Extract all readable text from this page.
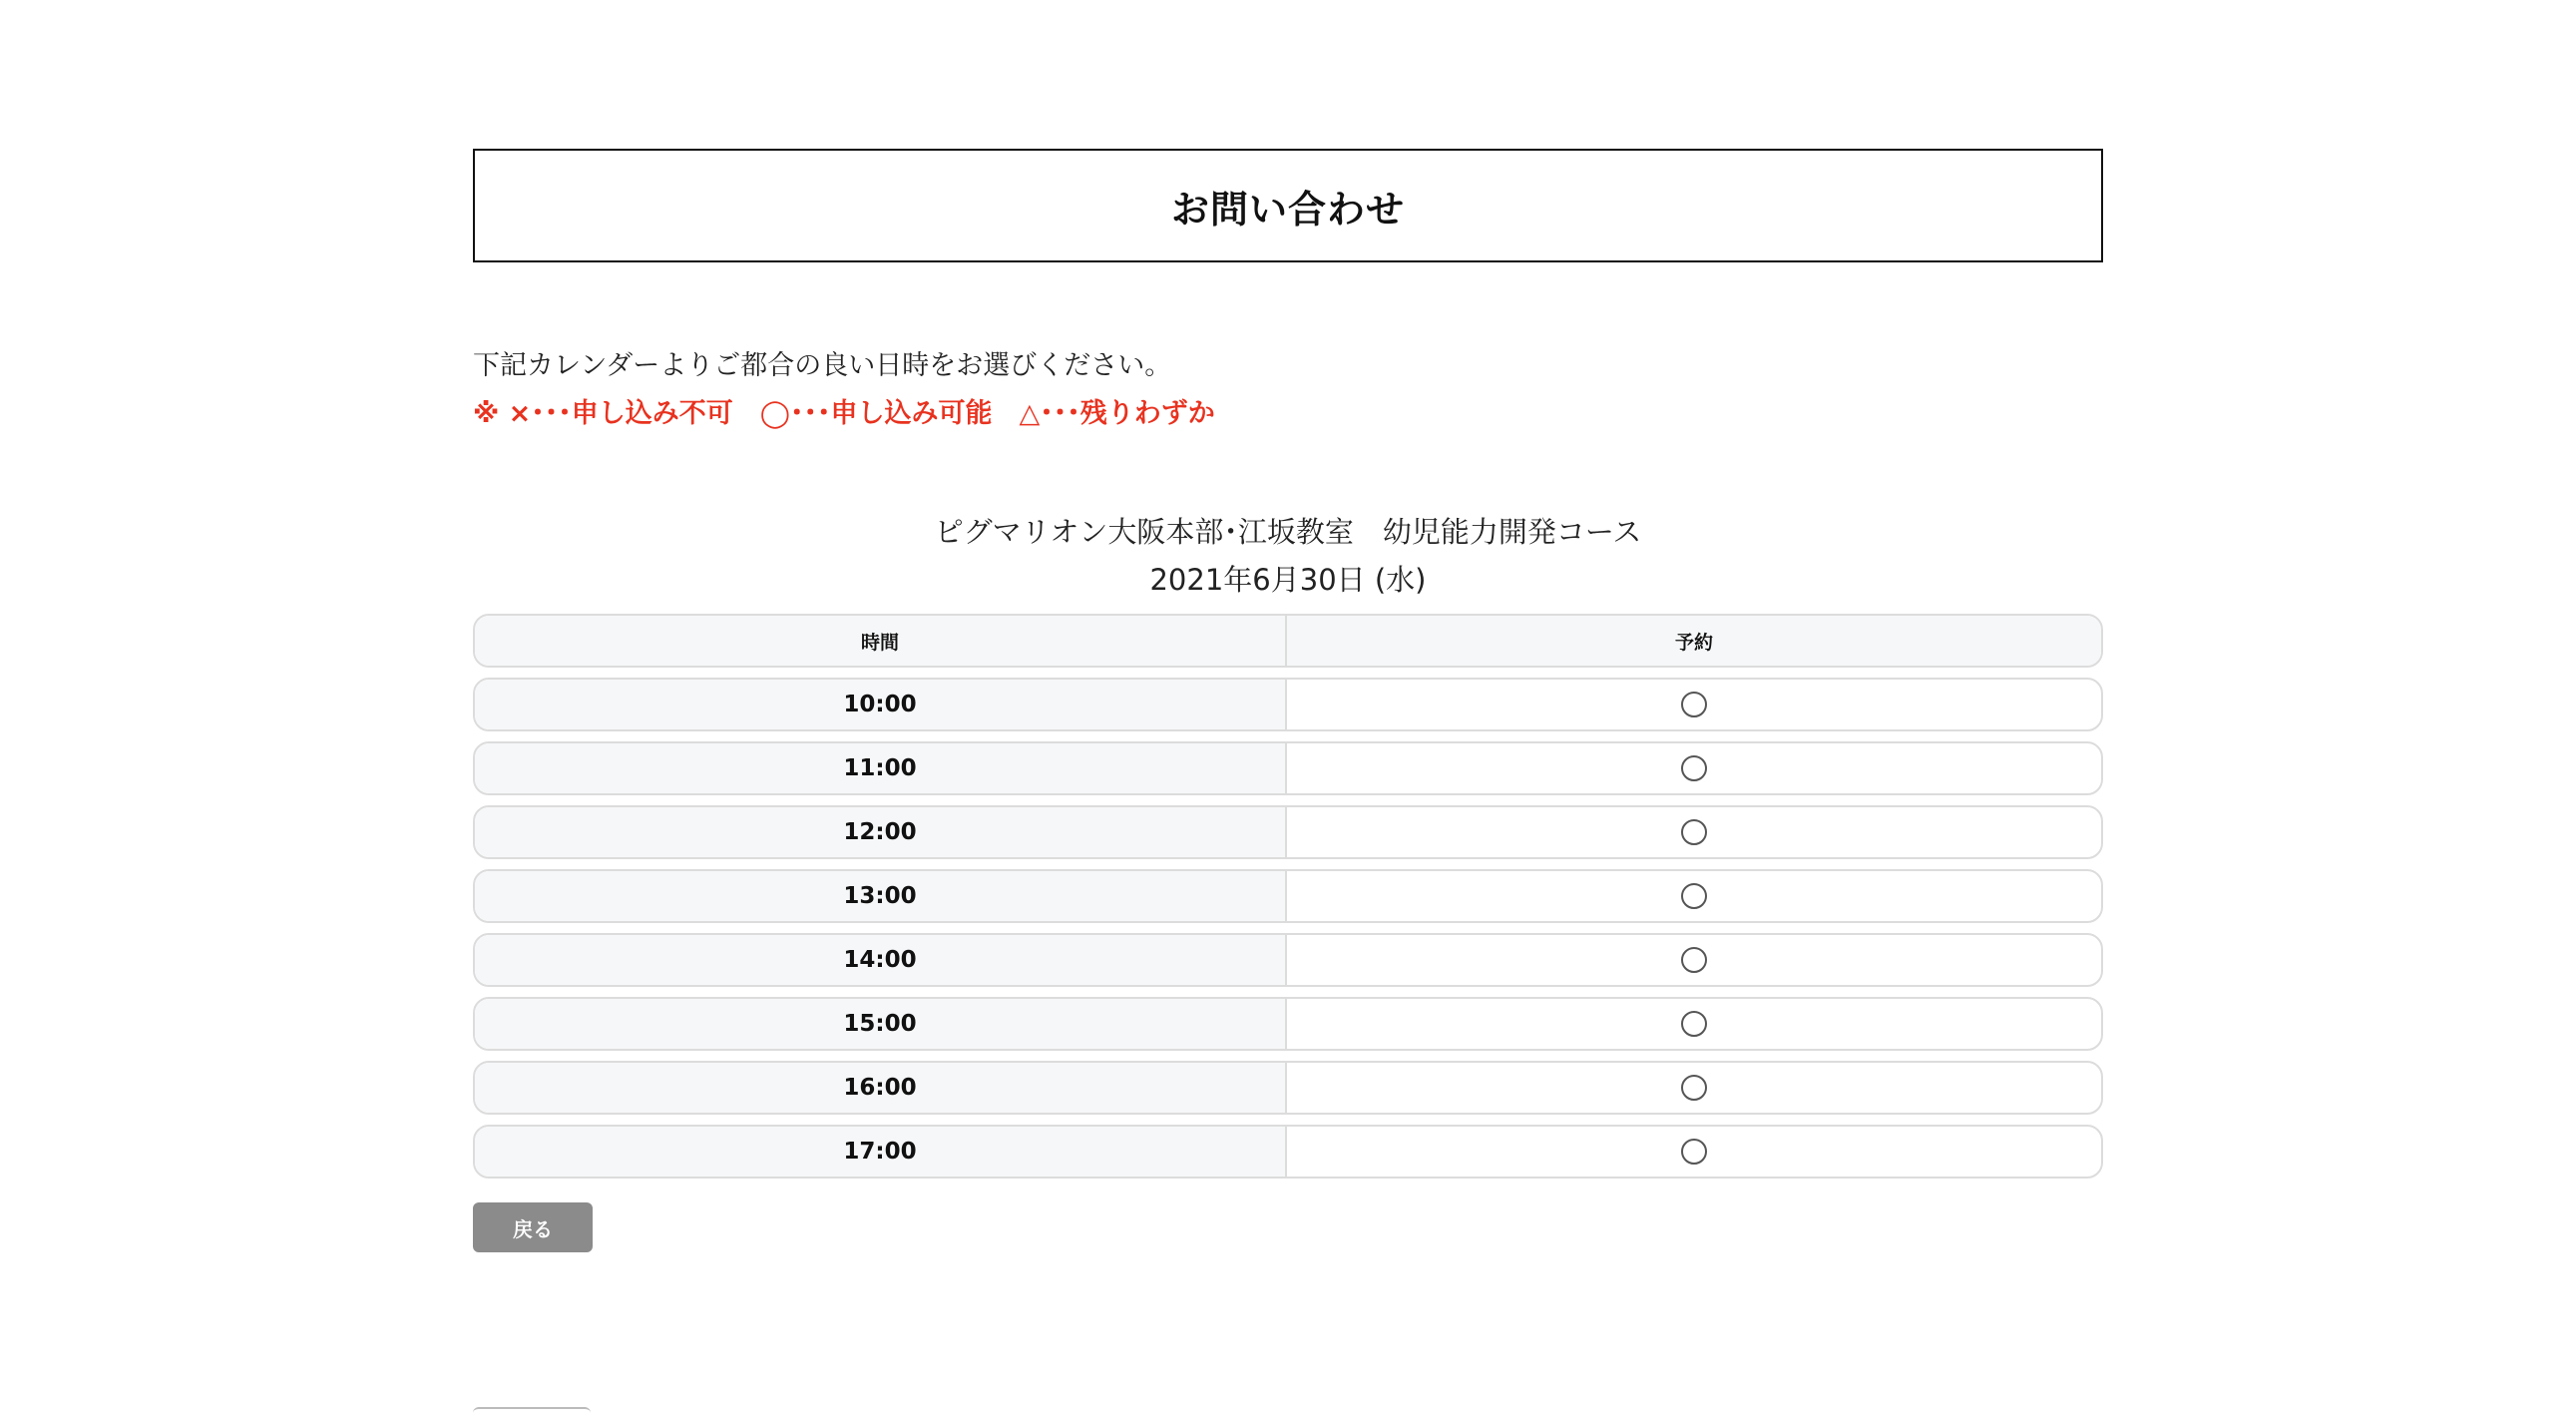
お問い合わせ
下記カレンダーよりご都合の良い日時をお選びください。
※ ×･･･申し込み不可　◯･･･申し込み可能　△･･･残りわずか
ピグマリオン大阪本部･江坂教室　幼児能力開発コース
2021年6月30日 (水)
時間	予約
10:00
11:00
12:00
13:00
14:00
15:00
16:00
17:00
戻る
